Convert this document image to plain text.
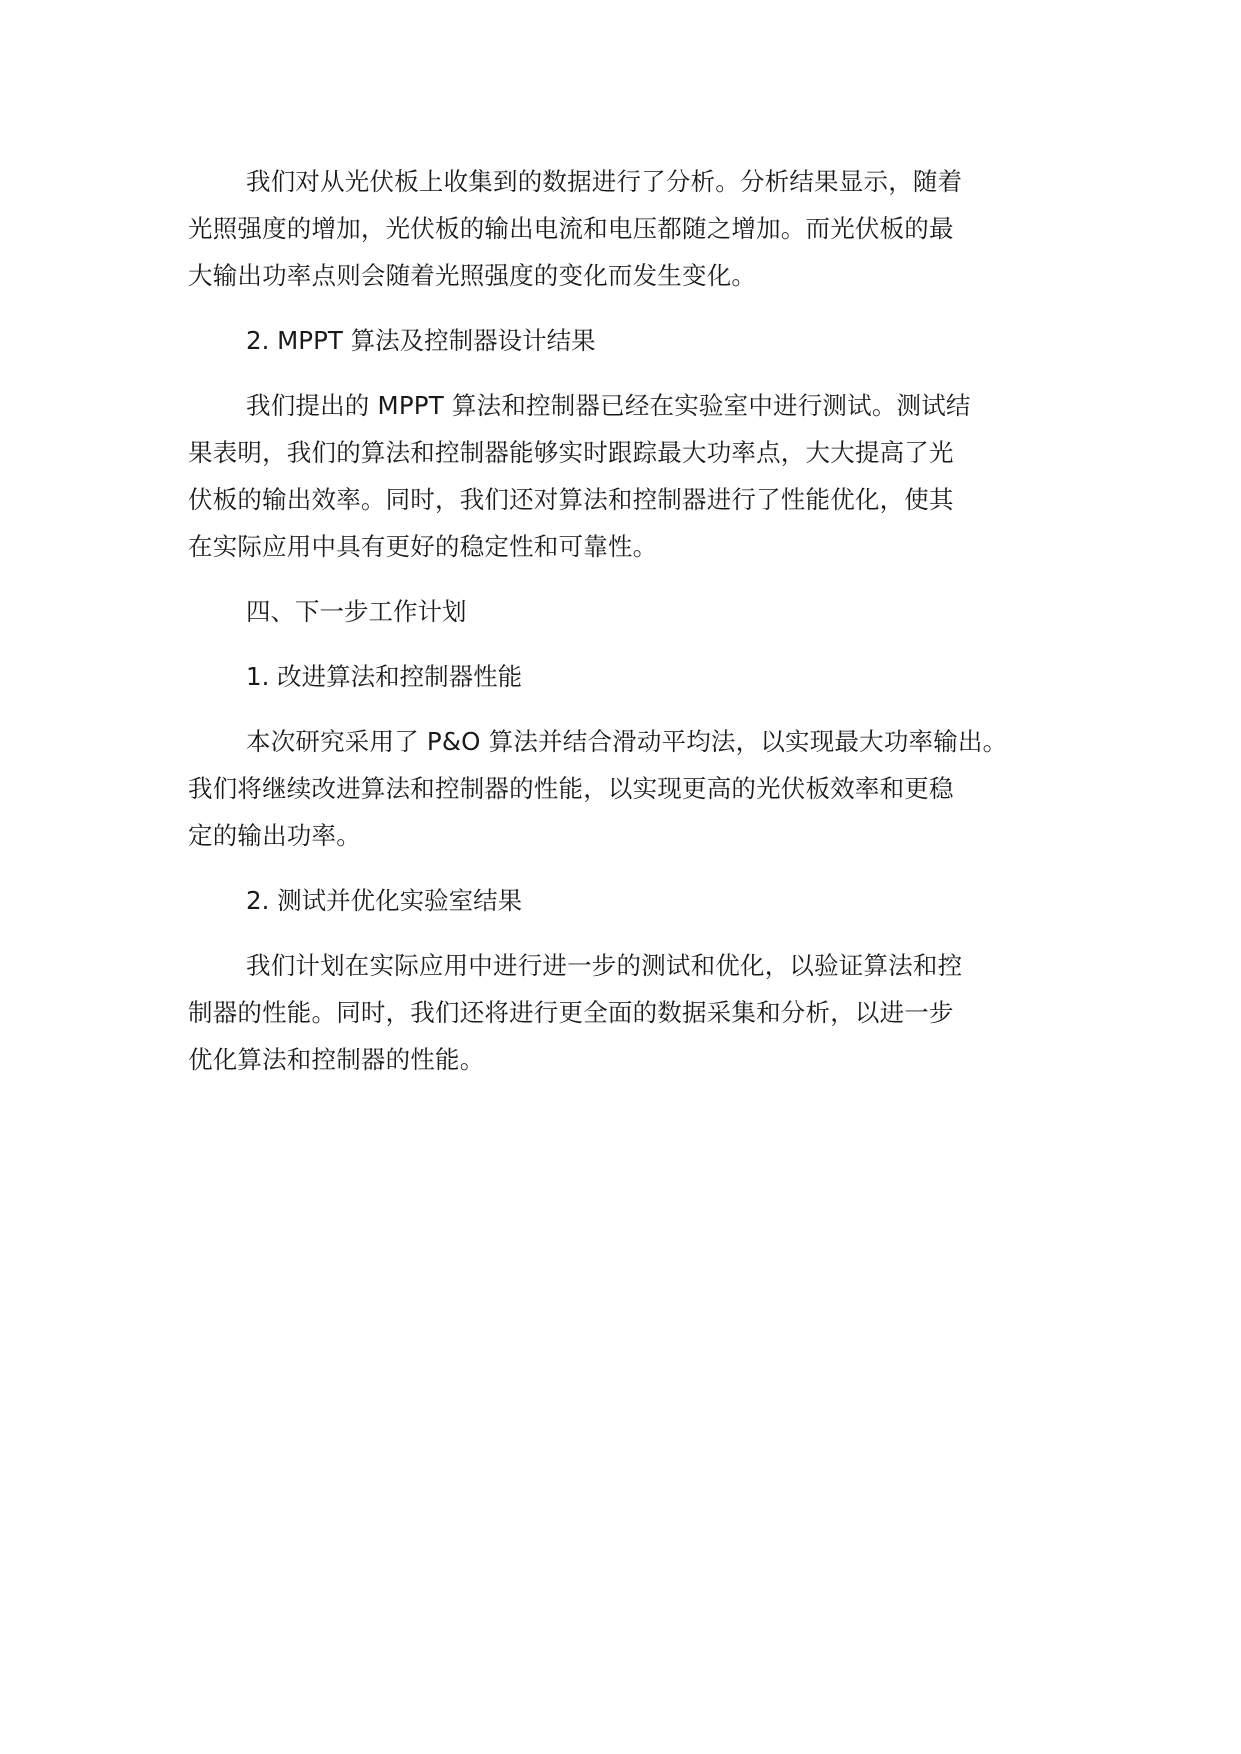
我们对从光伏板上收集到的数据进行了分析。分析结果显示，随着
光照强度的增加，光伏板的输出电流和电压都随之增加。而光伏板的最
大输出功率点则会随着光照强度的变化而发生变化。

2. MPPT 算法及控制器设计结果

我们提出的 MPPT 算法和控制器已经在实验室中进行测试。测试结
果表明，我们的算法和控制器能够实时跟踪最大功率点，大大提高了光
伏板的输出效率。同时，我们还对算法和控制器进行了性能优化，使其
在实际应用中具有更好的稳定性和可靠性。

四、下一步工作计划
1. 改进算法和控制器性能

本次研究采用了 P&O 算法并结合滑动平均法，以实现最大功率输出。
我们将继续改进算法和控制器的性能，以实现更高的光伏板效率和更稳
定的输出功率。

2. 测试并优化实验室结果

我们计划在实际应用中进行进一步的测试和优化，以验证算法和控
制器的性能。同时，我们还将进行更全面的数据采集和分析，以进一步
优化算法和控制器的性能。
